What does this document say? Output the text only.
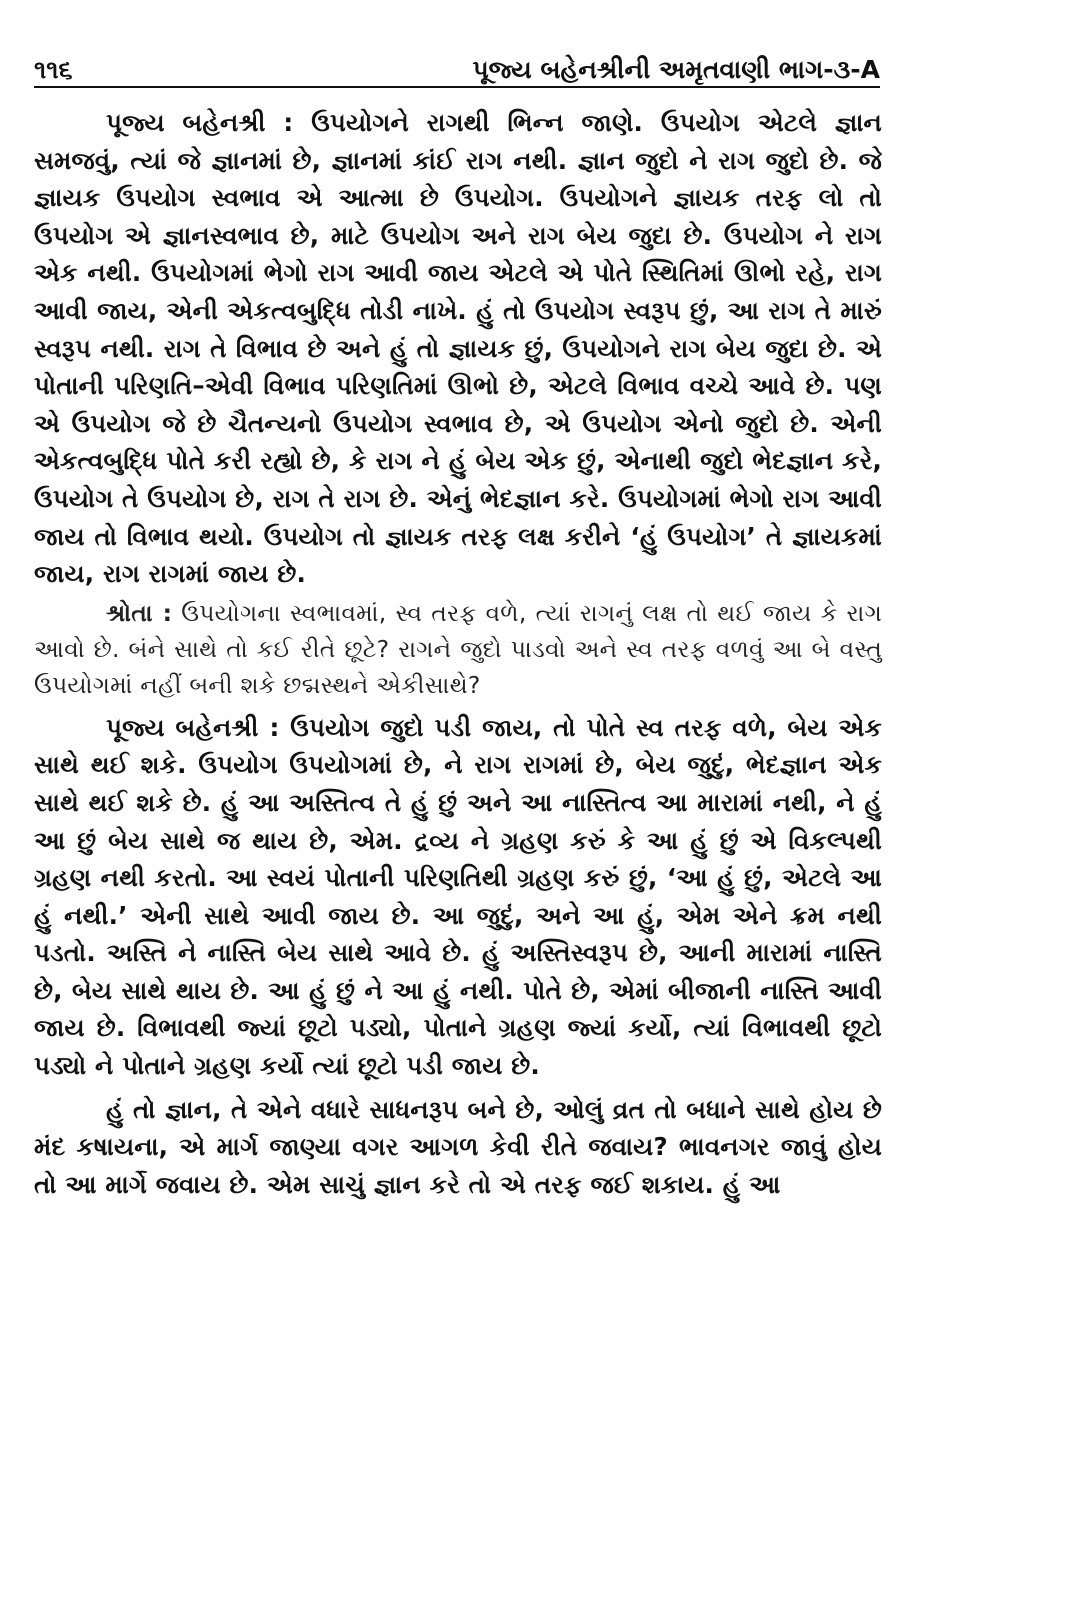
૧૧૬	પૂજ્ય બહેનશ્રીની અમૃતવાણી ભાગ-૩-A

પૂજ્ય બહેનશ્રી : ઉપયોગને રાગથી ભિન્ન જાણે. ઉપયોગ એટલે જ્ઞાન સમજવું, ત્યાં જે જ્ઞાનમાં છે, જ્ઞાનમાં કાંઈ રાગ નથી. જ્ઞાન જુદો ને રાગ જુદો છે. જે જ્ઞાયક ઉપયોગ સ્વભાવ એ આત્મા છે ઉપયોગ. ઉપયોગને જ્ઞાયક તરફ લો તો ઉપયોગ એ જ્ઞાનસ્વભાવ છે, માટે ઉપયોગ અને રાગ બેય જુદા છે. ઉપયોગ ને રાગ એક નથી. ઉપયોગમાં ભેગો રાગ આવી જાય એટલે એ પોતે સ્થિતિમાં ઊભો રહે, રાગ આવી જાય, એની એકત્વબુદ્ધિ તોડી નાખે. હું તો ઉપયોગ સ્વરૂપ છું, આ રાગ તે મારું સ્વરૂપ નથી. રાગ તે વિભાવ છે અને હું તો જ્ઞાયક છું, ઉપયોગને રાગ બેય જુદા છે. એ પોતાની પરિણતિ–એવી વિભાવ પરિણતિમાં ઊભો છે, એટલે વિભાવ વચ્ચે આવે છે. પણ એ ઉપયોગ જે છે ચૈતન્યનો ઉપયોગ સ્વભાવ છે, એ ઉપયોગ એનો જુદો છે. એની એકત્વબુદ્ધિ પોતે કરી રહ્યો છે, કે રાગ ને હું બેય એક છું, એનાથી જુદો ભેદજ્ઞાન કરે, ઉપયોગ તે ઉપયોગ છે, રાગ તે રાગ છે. એનું ભેદજ્ઞાન કરે. ઉપયોગમાં ભેગો રાગ આવી જાય તો વિભાવ થયો. ઉપયોગ તો જ્ઞાયક તરફ લક્ષ કરીને ‘હું ઉપયોગ’ તે જ્ઞાયકમાં જાય, રાગ રાગમાં જાય છે.

શ્રોતા : ઉપયોગના સ્વભાવમાં, સ્વ તરફ વળે, ત્યાં રાગનું લક્ષ તો થઈ જાય કે રાગ આવો છે. બંને સાથે તો કઈ રીતે છૂટે? રાગને જુદો પાડવો અને સ્વ તરફ વળવું આ બે વસ્તુ ઉપયોગમાં નહીં બની શકે છદ્મસ્થને એકીસાથે?

પૂજ્ય બહેનશ્રી : ઉપયોગ જુદો પડી જાય, તો પોતે સ્વ તરફ વળે, બેય એક સાથે થઈ શકે. ઉપયોગ ઉપયોગમાં છે, ને રાગ રાગમાં છે, બેય જુદું, ભેદજ્ઞાન એક સાથે થઈ શકે છે. હું આ અસ્તિત્વ તે હું છું અને આ નાસ્તિત્વ આ મારામાં નથી, ને હું આ છું બેય સાથે જ થાય છે, એમ. દ્રવ્ય ને ગ્રહણ કરું કે આ હું છું એ વિકલ્પથી ગ્રહણ નથી કરતો. આ સ્વયં પોતાની પરિણતિથી ગ્રહણ કરું છું, ‘આ હું છું, એટલે આ હું નથી.’ એની સાથે આવી જાય છે. આ જુદું, અને આ હું, એમ એને ક્રમ નથી પડતો. અસ્તિ ને નાસ્તિ બેય સાથે આવે છે. હું અસ્તિસ્વરૂપ છે, આની મારામાં નાસ્તિ છે, બેય સાથે થાય છે. આ હું છું ને આ હું નથી. પોતે છે, એમાં બીજાની નાસ્તિ આવી જાય છે. વિભાવથી જ્યાં છૂટો પડ્યો, પોતાને ગ્રહણ જ્યાં કર્યો, ત્યાં વિભાવથી છૂટો પડ્યો ને પોતાને ગ્રહણ કર્યો ત્યાં છૂટો પડી જાય છે.

હું તો જ્ઞાન, તે એને વધારે સાધનરૂપ બને છે, ઓલું વ્રત તો બધાને સાથે હોય છે મંદ કષાયના, એ માર્ગ જાણ્યા વગર આગળ કેવી રીતે જવાય? ભાવનગર જાવું હોય તો આ માર્ગે જવાય છે. એમ સાચું જ્ઞાન કરે તો એ તરફ જઈ શકાય. હું આ
